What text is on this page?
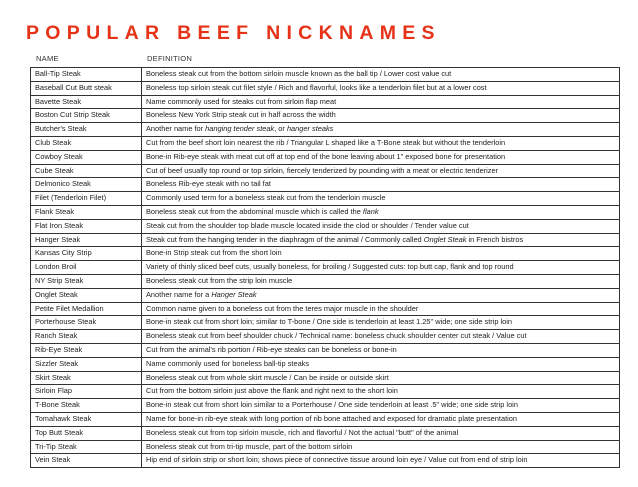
POPULAR BEEF NICKNAMES
NAME	DEFINITION
Ball-Tip Steak	Boneless steak cut from the bottom sirloin muscle known as the ball tip / Lower cost value cut
Baseball Cut Butt steak	Boneless top sirloin steak cut filet style / Rich and flavorful, looks like a tenderloin filet but at a lower cost
Bavette Steak	Name commonly used for steaks cut from sirloin flap meat
Boston Cut Strip Steak	Boneless New York Strip steak cut in half across the width
Butcher's Steak	Another name for hanging tender steak, or hanger steaks
Club Steak	Cut from the beef short loin nearest the rib / Triangular L shaped like a T-Bone steak but without the tenderloin
Cowboy Steak	Bone-in Rib-eye steak with meat cut off at top end of the bone leaving about 1" exposed bone for presentation
Cube Steak	Cut of beef usually top round or top sirloin, fiercely tenderized by pounding with a meat or electric tenderizer
Delmonico Steak	Boneless Rib-eye steak with no tail fat
Filet (Tenderloin Filet)	Commonly used term for a boneless steak cut from the tenderloin muscle
Flank Steak	Boneless steak cut from the abdominal muscle which is called the flank
Flat Iron Steak	Steak cut from the shoulder top blade muscle located inside the clod or shoulder / Tender value cut
Hanger Steak	Steak cut from the hanging tender in the diaphragm of the animal / Commonly called Onglet Steak in French bistros
Kansas City Strip	Bone-in Strip steak cut from the short loin
London Broil	Variety of thinly sliced beef cuts, usually boneless, for broiling / Suggested cuts: top butt cap, flank and top round
NY Strip Steak	Boneless steak cut from the strip loin muscle
Onglet Steak	Another name for a Hanger Steak
Petite Filet Medallion	Common name given to a boneless cut from the teres major muscle in the shoulder
Porterhouse Steak	Bone-in steak cut from short loin; similar to T-bone / One side is tenderloin at least 1.25" wide; one side strip loin
Ranch Steak	Boneless steak cut from beef shoulder chuck / Technical name: boneless chuck shoulder center cut steak / Value cut
Rib-Eye Steak	Cut from the animal's rib portion / Rib-eye steaks can be boneless or bone-in
Sizzler Steak	Name commonly used for boneless ball-tip steaks
Skirt Steak	Boneless steak cut from whole skirt muscle / Can be inside or outside skirt
Sirloin Flap	Cut from the bottom sirloin just above the flank and right next to the short loin
T-Bone Steak	Bone-in steak cut from short loin similar to a Porterhouse / One side tenderloin at least .5" wide; one side strip loin
Tomahawk Steak	Name for bone-in rib-eye steak with long portion of rib bone attached and exposed for dramatic plate presentation
Top Butt Steak	Boneless steak cut from top sirloin muscle, rich and flavorful / Not the actual "butt" of the animal
Tri-Tip Steak	Boneless steak cut from tri-tip muscle, part of the bottom sirloin
Vein Steak	Hip end of sirloin strip or short loin; shows piece of connective tissue around loin eye / Value cut from end of strip loin
